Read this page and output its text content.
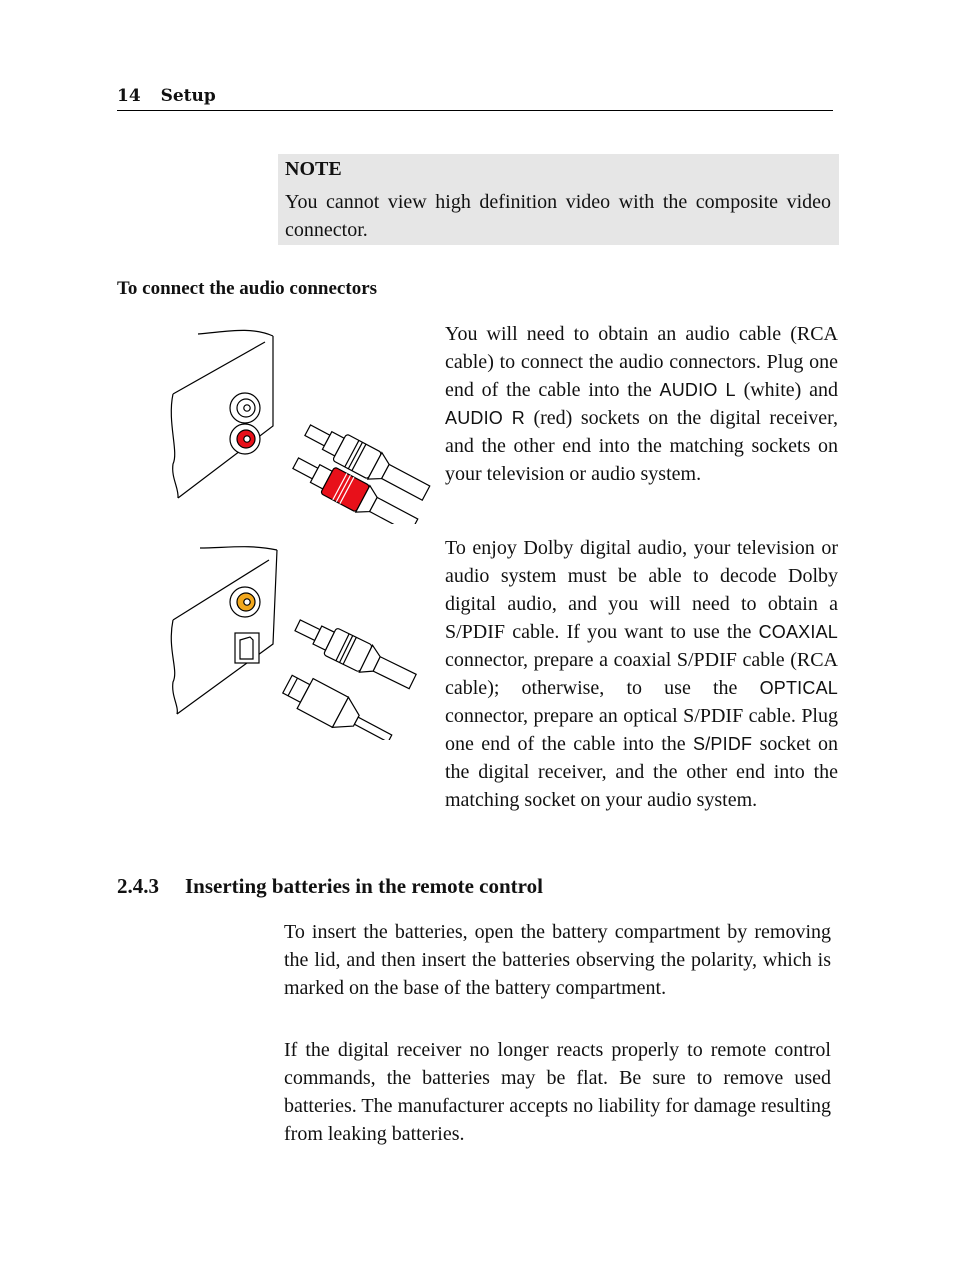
14 Setup
NOTE
You cannot view high definition video with the composite video connector.
To connect the audio connectors
You will need to obtain an audio cable (RCA cable) to connect the audio connectors. Plug one end of the cable into the AUDIO L (white) and AUDIO R (red) sockets on the digital receiver, and the other end into the matching sockets on your television or audio system.
To enjoy Dolby digital audio, your television or audio system must be able to decode Dolby digital audio, and you will need to obtain a S/PDIF cable. If you want to use the COAXIAL connector, prepare a coaxial S/PDIF cable (RCA cable); otherwise, to use the OPTICAL connector, prepare an optical S/PDIF cable. Plug one end of the cable into the S/PIDF socket on the digital receiver, and the other end into the matching socket on your audio system.
2.4.3 Inserting batteries in the remote control
To insert the batteries, open the battery compartment by removing the lid, and then insert the batteries observing the polarity, which is marked on the base of the battery compartment.
If the digital receiver no longer reacts properly to remote control commands, the batteries may be flat. Be sure to remove used batteries. The manufacturer accepts no liability for damage resulting from leaking batteries.
